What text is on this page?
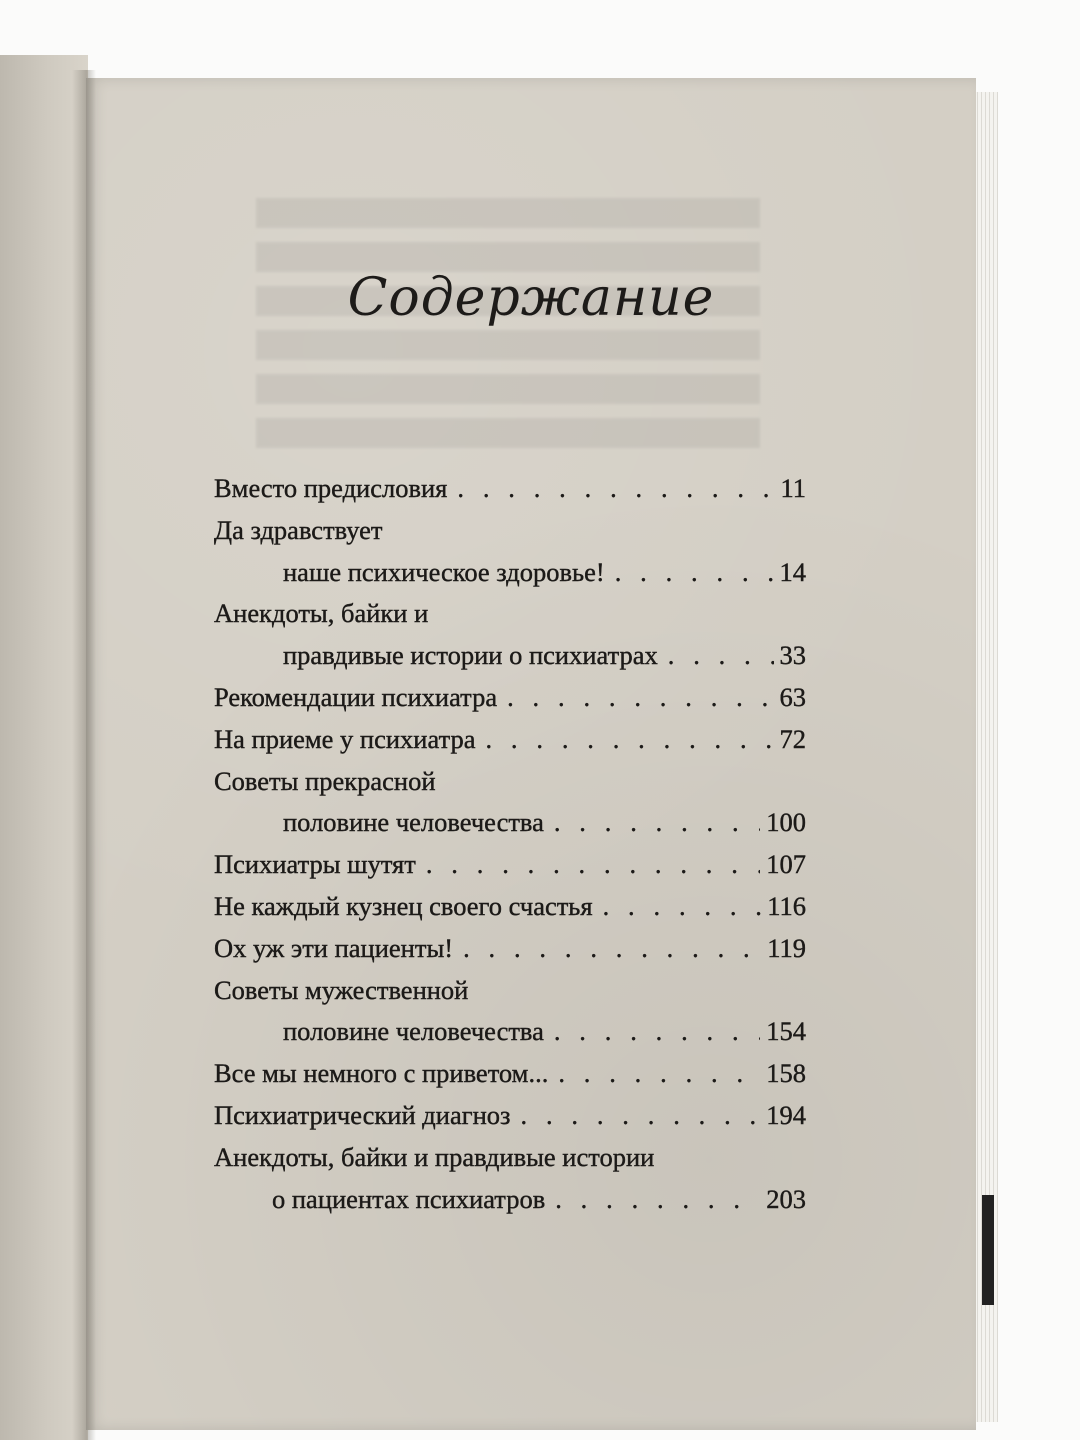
Содержание
Вместо предисловия . . .	11
Да здравствует
наше психическое здоровье! . . .	14
Анекдоты, байки и
правдивые истории о психиатрах . . .	33
Рекомендации психиатра . . .	63
На приеме у психиатра . . .	72
Советы прекрасной
половине человечества . . .	100
Психиатры шутят . . .	107
Не каждый кузнец своего счастья . . .	116
Ох уж эти пациенты! . . .	119
Советы мужественной
половине человечества . . .	154
Все мы немного с приветом... . . .	158
Психиатрический диагноз . . .	194
Анекдоты, байки и правдивые истории
о пациентах психиатров . . .	203
